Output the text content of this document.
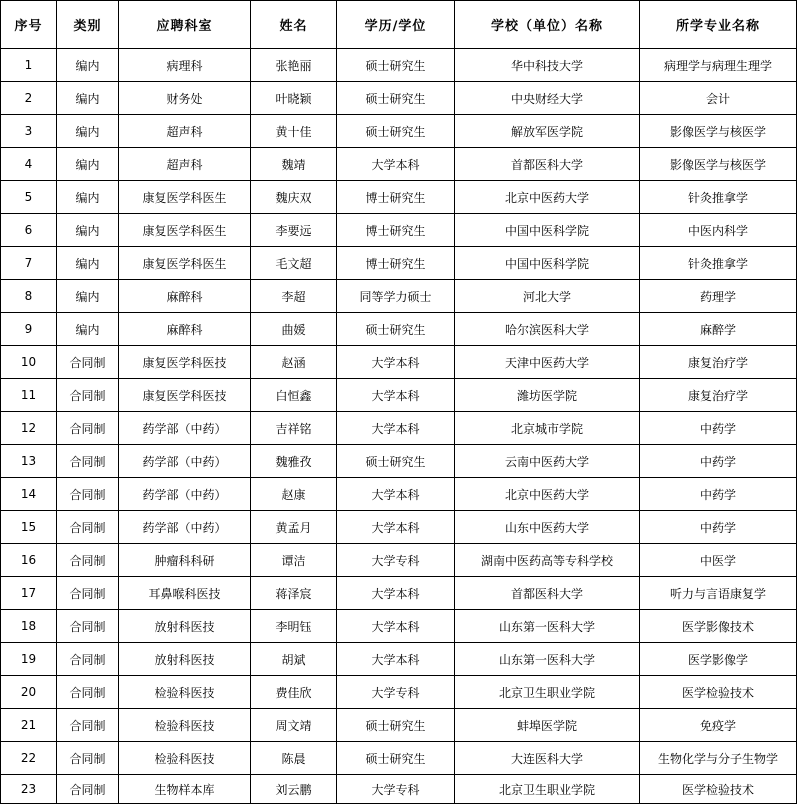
序号	类别	应聘科室	姓名	学历/学位	学校（单位）名称	所学专业名称
1	编内	病理科	张艳丽	硕士研究生	华中科技大学	病理学与病理生理学
2	编内	财务处	叶晓颖	硕士研究生	中央财经大学	会计
3	编内	超声科	黄十佳	硕士研究生	解放军医学院	影像医学与核医学
4	编内	超声科	魏靖	大学本科	首都医科大学	影像医学与核医学
5	编内	康复医学科医生	魏庆双	博士研究生	北京中医药大学	针灸推拿学
6	编内	康复医学科医生	李要远	博士研究生	中国中医科学院	中医内科学
7	编内	康复医学科医生	毛文超	博士研究生	中国中医科学院	针灸推拿学
8	编内	麻醉科	李超	同等学力硕士	河北大学	药理学
9	编内	麻醉科	曲媛	硕士研究生	哈尔滨医科大学	麻醉学
10	合同制	康复医学科医技	赵涵	大学本科	天津中医药大学	康复治疗学
11	合同制	康复医学科医技	白恒鑫	大学本科	潍坊医学院	康复治疗学
12	合同制	药学部（中药）	吉祥铭	大学本科	北京城市学院	中药学
13	合同制	药学部（中药）	魏雅孜	硕士研究生	云南中医药大学	中药学
14	合同制	药学部（中药）	赵康	大学本科	北京中医药大学	中药学
15	合同制	药学部（中药）	黄孟月	大学本科	山东中医药大学	中药学
16	合同制	肿瘤科科研	谭洁	大学专科	湖南中医药高等专科学校	中医学
17	合同制	耳鼻喉科医技	蒋泽宸	大学本科	首都医科大学	听力与言语康复学
18	合同制	放射科医技	李明钰	大学本科	山东第一医科大学	医学影像技术
19	合同制	放射科医技	胡斌	大学本科	山东第一医科大学	医学影像学
20	合同制	检验科医技	费佳欣	大学专科	北京卫生职业学院	医学检验技术
21	合同制	检验科医技	周文靖	硕士研究生	蚌埠医学院	免疫学
22	合同制	检验科医技	陈晨	硕士研究生	大连医科大学	生物化学与分子生物学
23	合同制	生物样本库	刘云鹏	大学专科	北京卫生职业学院	医学检验技术
